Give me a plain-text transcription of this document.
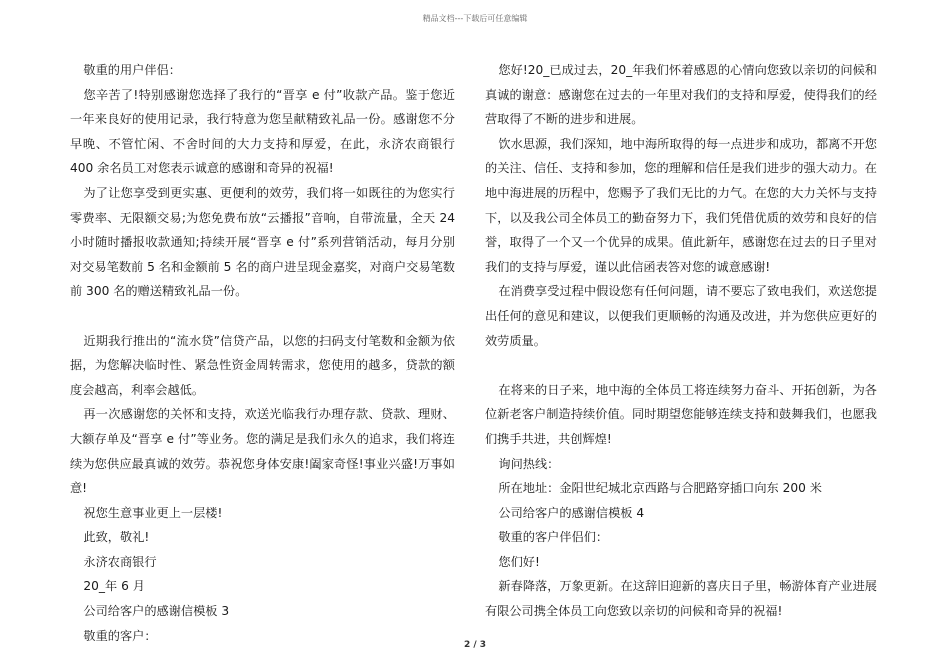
精品文档---下载后可任意编辑

敬重的用户伴侣：

您辛苦了!特别感谢您选择了我行的“晋享 e 付”收款产品。鉴于您近一年来良好的使用记录，我行特意为您呈献精致礼品一份。感谢您不分早晚、不管忙闲、不舍时间的大力支持和厚爱，在此，永济农商银行 400 余名员工对您表示诚意的感谢和奇异的祝福!

为了让您享受到更实惠、更便利的效劳，我们将一如既往的为您实行零费率、无限额交易;为您免费布放“云播报”音响，自带流量，全天 24 小时随时播报收款通知;持续开展“晋享 e 付”系列营销活动，每月分别对交易笔数前 5 名和金额前 5 名的商户进呈现金嘉奖，对商户交易笔数前 300 名的赠送精致礼品一份。

近期我行推出的“流水贷”信贷产品，以您的扫码支付笔数和金额为依据，为您解决临时性、紧急性资金周转需求，您使用的越多，贷款的额度会越高，利率会越低。

再一次感谢您的关怀和支持，欢送光临我行办理存款、贷款、理财、大额存单及“晋享 e 付”等业务。您的满足是我们永久的追求，我们将连续为您供应最真诚的效劳。恭祝您身体安康!阖家奇怪!事业兴盛!万事如意!

祝您生意事业更上一层楼!

此致，敬礼!

永济农商银行

20_年 6 月

公司给客户的感谢信模板 3

敬重的客户：

您好!20_已成过去，20_年我们怀着感恩的心情向您致以亲切的问候和真诚的谢意：感谢您在过去的一年里对我们的支持和厚爱，使得我们的经营取得了不断的进步和进展。

饮水思源，我们深知，地中海所取得的每一点进步和成功，都离不开您的关注、信任、支持和参加，您的理解和信任是我们进步的强大动力。在地中海进展的历程中，您赐予了我们无比的力气。在您的大力关怀与支持下，以及我公司全体员工的勤奋努力下，我们凭借优质的效劳和良好的信誉，取得了一个又一个优异的成果。值此新年，感谢您在过去的日子里对我们的支持与厚爱，谨以此信函表答对您的诚意感谢!

在消费享受过程中假设您有任何问题，请不要忘了致电我们，欢送您提出任何的意见和建议，以便我们更顺畅的沟通及改进，并为您供应更好的效劳质量。

在将来的日子来，地中海的全体员工将连续努力奋斗、开拓创新，为各位新老客户制造持续价值。同时期望您能够连续支持和鼓舞我们，也愿我们携手共进，共创辉煌!

询问热线：

所在地址：金阳世纪城北京西路与合肥路穿插口向东 200 米

公司给客户的感谢信模板 4

敬重的客户伴侣们：

您们好!

新春降落，万象更新。在这辞旧迎新的喜庆日子里，畅游体育产业进展有限公司携全体员工向您致以亲切的问候和奇异的祝福!

2 / 3
